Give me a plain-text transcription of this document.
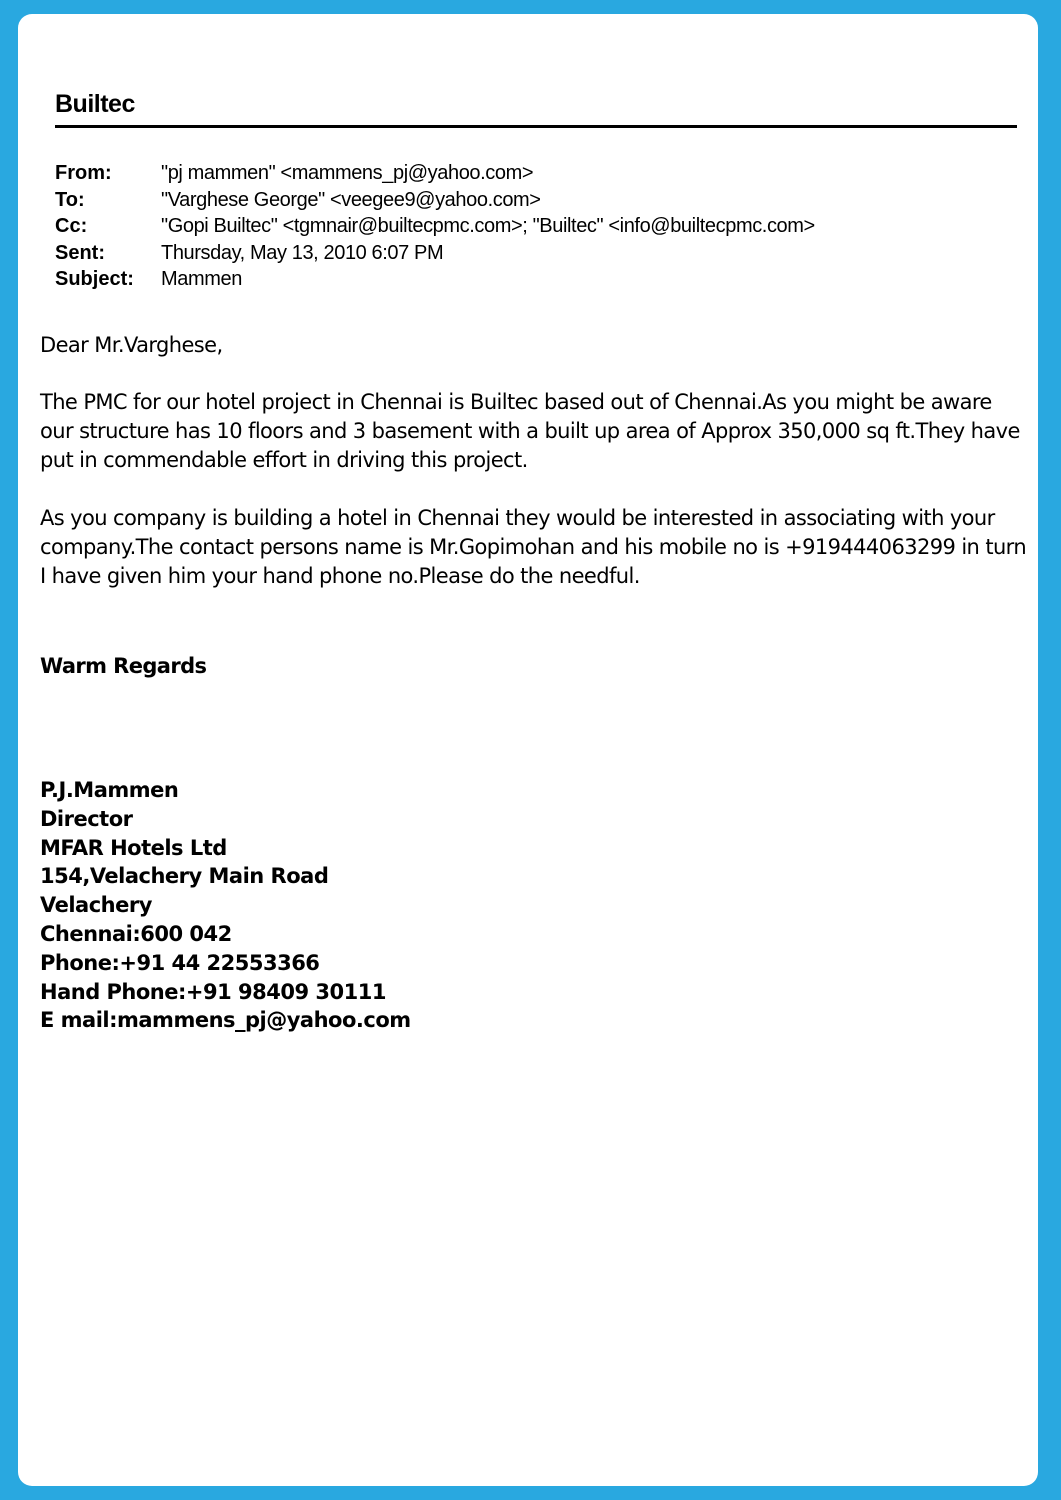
Builtec
From:	"pj mammen" <mammens_pj@yahoo.com>
To:	"Varghese George" <veegee9@yahoo.com>
Cc:	"Gopi Builtec" <tgmnair@builtecpmc.com>; "Builtec" <info@builtecpmc.com>
Sent:	Thursday, May 13, 2010 6:07 PM
Subject:	Mammen
Dear Mr.Varghese,
The PMC for our hotel project in Chennai is Builtec based out of Chennai.As you might be aware our structure has 10 floors and 3 basement with a built up area of Approx 350,000 sq ft.They have put in commendable effort in driving this project.
As you company is building a hotel in Chennai they would be interested in associating with your company.The contact persons name is Mr.Gopimohan and his mobile no is +919444063299 in turn I have given him your hand phone no.Please do the needful.
Warm Regards
P.J.Mammen
Director
MFAR Hotels Ltd
154,Velachery Main Road
Velachery
Chennai:600 042
Phone:+91 44 22553366
Hand Phone:+91 98409 30111
E mail:mammens_pj@yahoo.com
